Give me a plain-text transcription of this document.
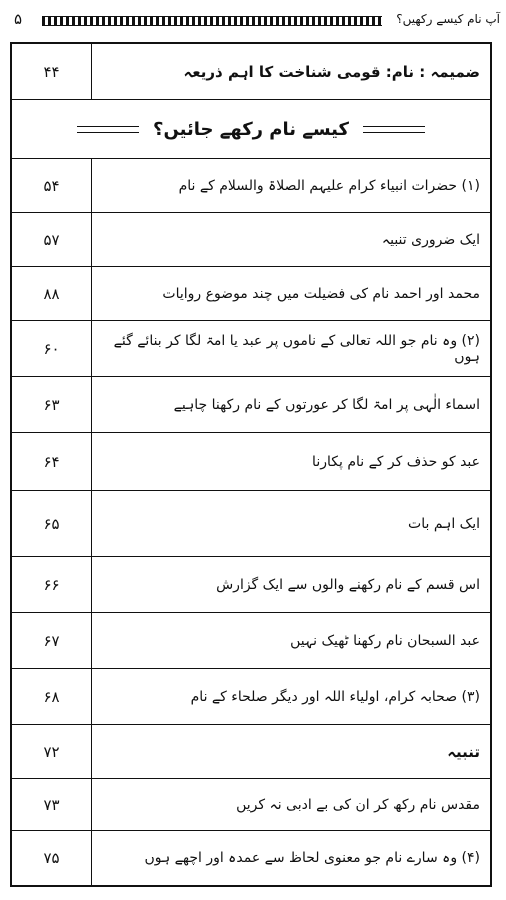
۵	آپ نام کیسے رکھیں؟
۴۴	ضمیمہ : نام: قومی شناخت کا اہم ذریعہ
کیسے نام رکھے جائیں؟
۵۴	(۱) حضرات انبیاء کرام علیہم الصلاۃ والسلام کے نام
۵۷	ایک ضروری تنبیہ
۸۸	محمد اور احمد نام کی فضیلت میں چند موضوع روایات
۶۰	(۲) وہ نام جو اللہ تعالی کے ناموں پر عبد یا امۃ لگا کر بنائے گئے ہوں
۶۳	اسماء الٰہی پر امۃ لگا کر عورتوں کے نام رکھنا چاہیے
۶۴	عبد کو حذف کر کے نام پکارنا
۶۵	ایک اہم بات
۶۶	اس قسم کے نام رکھنے والوں سے ایک گزارش
۶۷	عبد السبحان نام رکھنا ٹھیک نہیں
۶۸	(۳) صحابہ کرام، اولیاء اللہ اور دیگر صلحاء کے نام
۷۲	تنبیہ
۷۳	مقدس نام رکھ کر ان کی بے ادبی نہ کریں
۷۵	(۴) وہ سارے نام جو معنوی لحاظ سے عمدہ اور اچھے ہوں
